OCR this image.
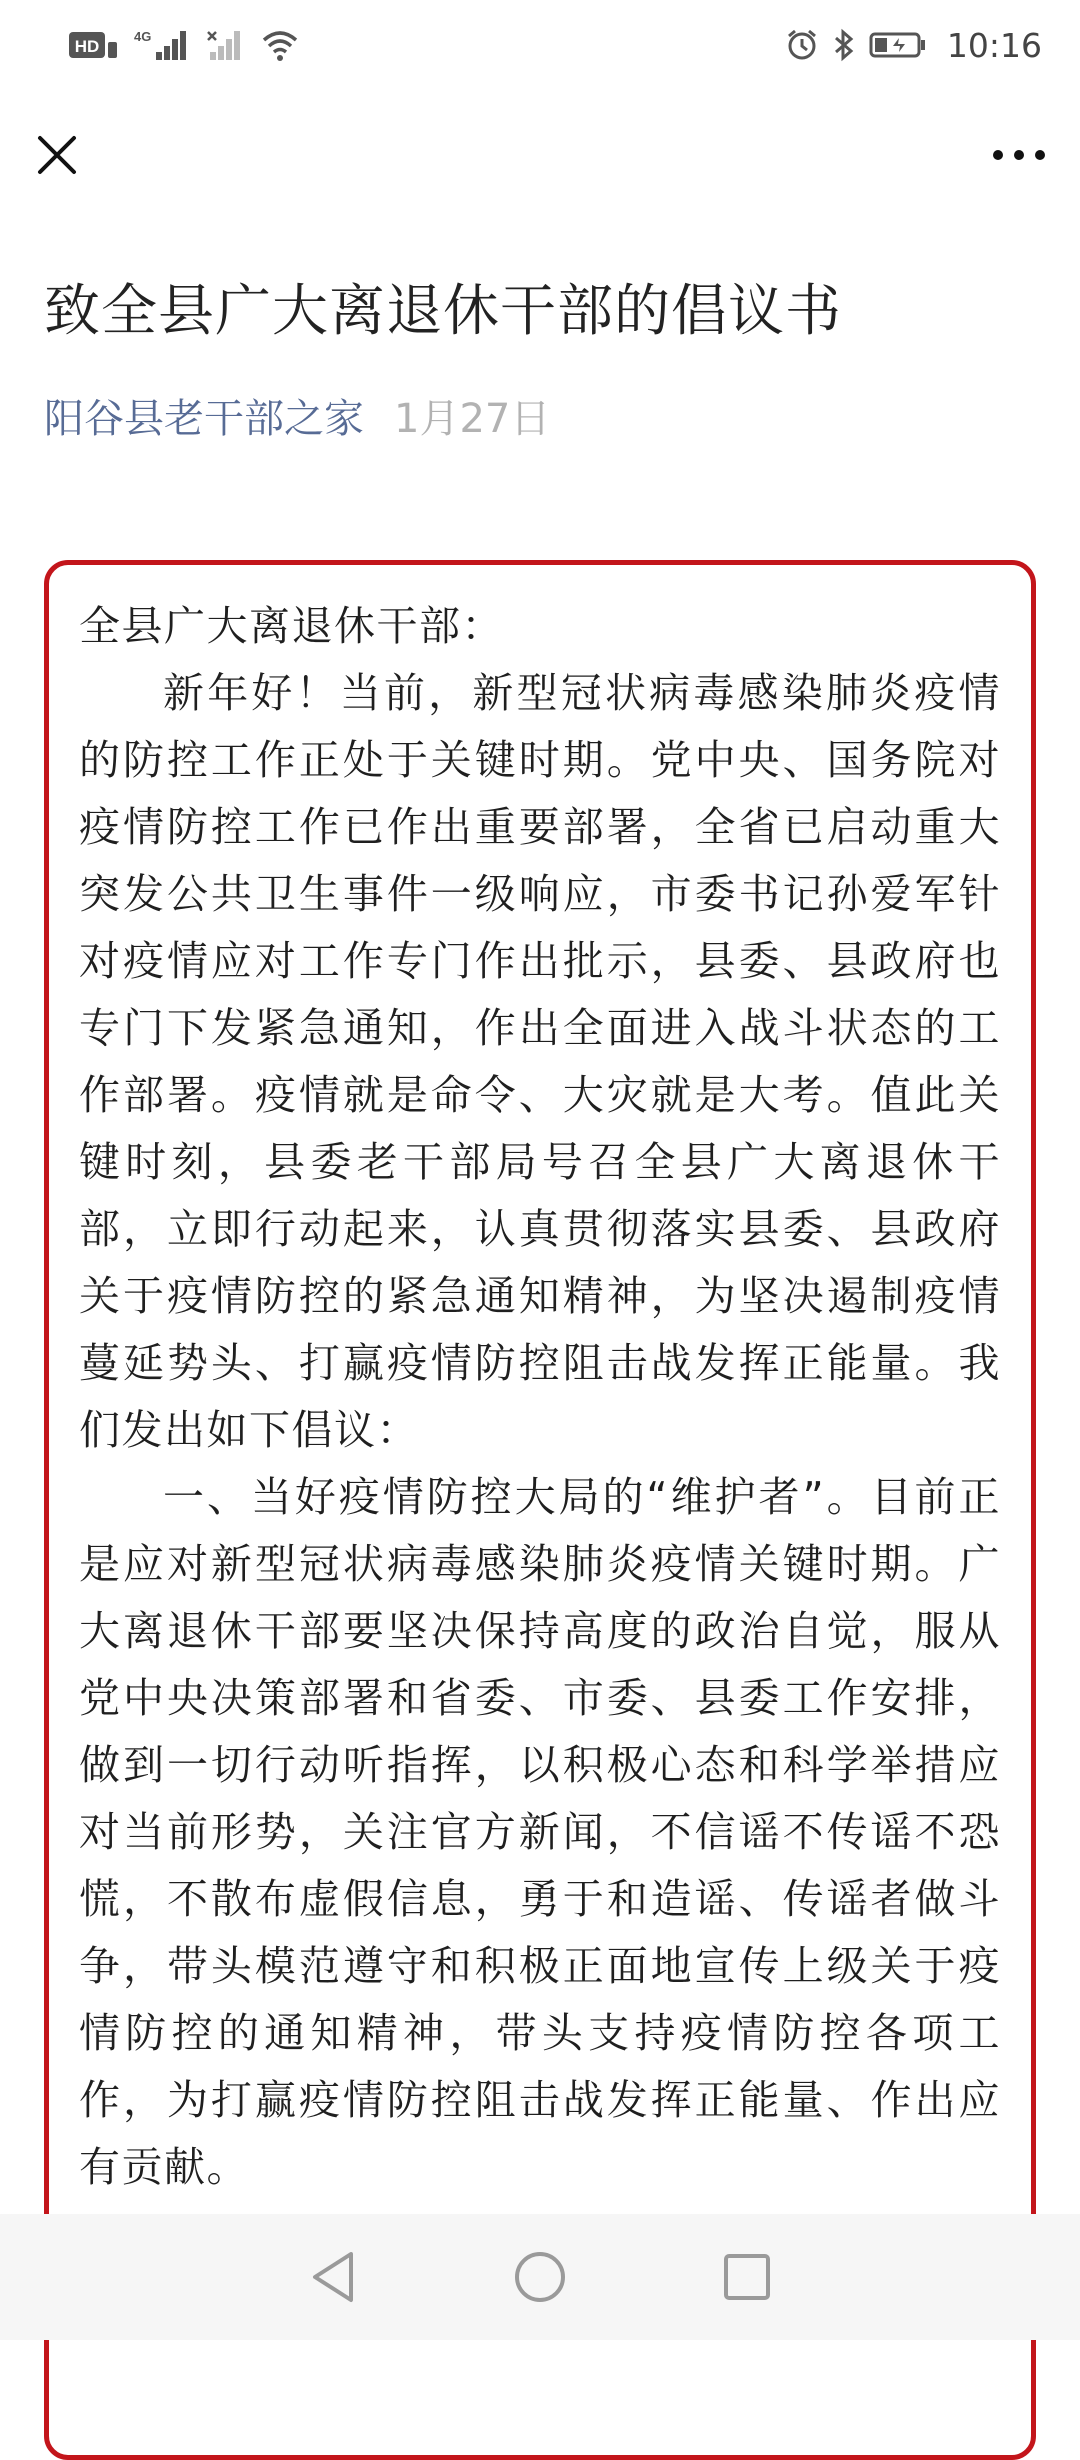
HD
4G	10:16
致全县广大离退休干部的倡议书
阳谷县老干部之家 1月27日

全县广大离退休干部：

新年好！当前，新型冠状病毒感染肺炎疫情的防控工作正处于关键时期。党中央、国务院对疫情防控工作已作出重要部署，全省已启动重大突发公共卫生事件一级响应，市委书记孙爱军针对疫情应对工作专门作出批示，县委、县政府也专门下发紧急通知，作出全面进入战斗状态的工作部署。疫情就是命令、大灾就是大考。值此关键时刻，县委老干部局号召全县广大离退休干部，立即行动起来，认真贯彻落实县委、县政府关于疫情防控的紧急通知精神，为坚决遏制疫情蔓延势头、打赢疫情防控阻击战发挥正能量。我们发出如下倡议：

一、当好疫情防控大局的“维护者”。目前正是应对新型冠状病毒感染肺炎疫情关键时期。广大离退休干部要坚决保持高度的政治自觉，服从党中央决策部署和省委、市委、县委工作安排，做到一切行动听指挥，以积极心态和科学举措应对当前形势，关注官方新闻，不信谣不传谣不恐慌，不散布虚假信息，勇于和造谣、传谣者做斗争，带头模范遵守和积极正面地宣传上级关于疫情防控的通知精神，带头支持疫情防控各项工作，为打赢疫情防控阻击战发挥正能量、作出应有贡献。
